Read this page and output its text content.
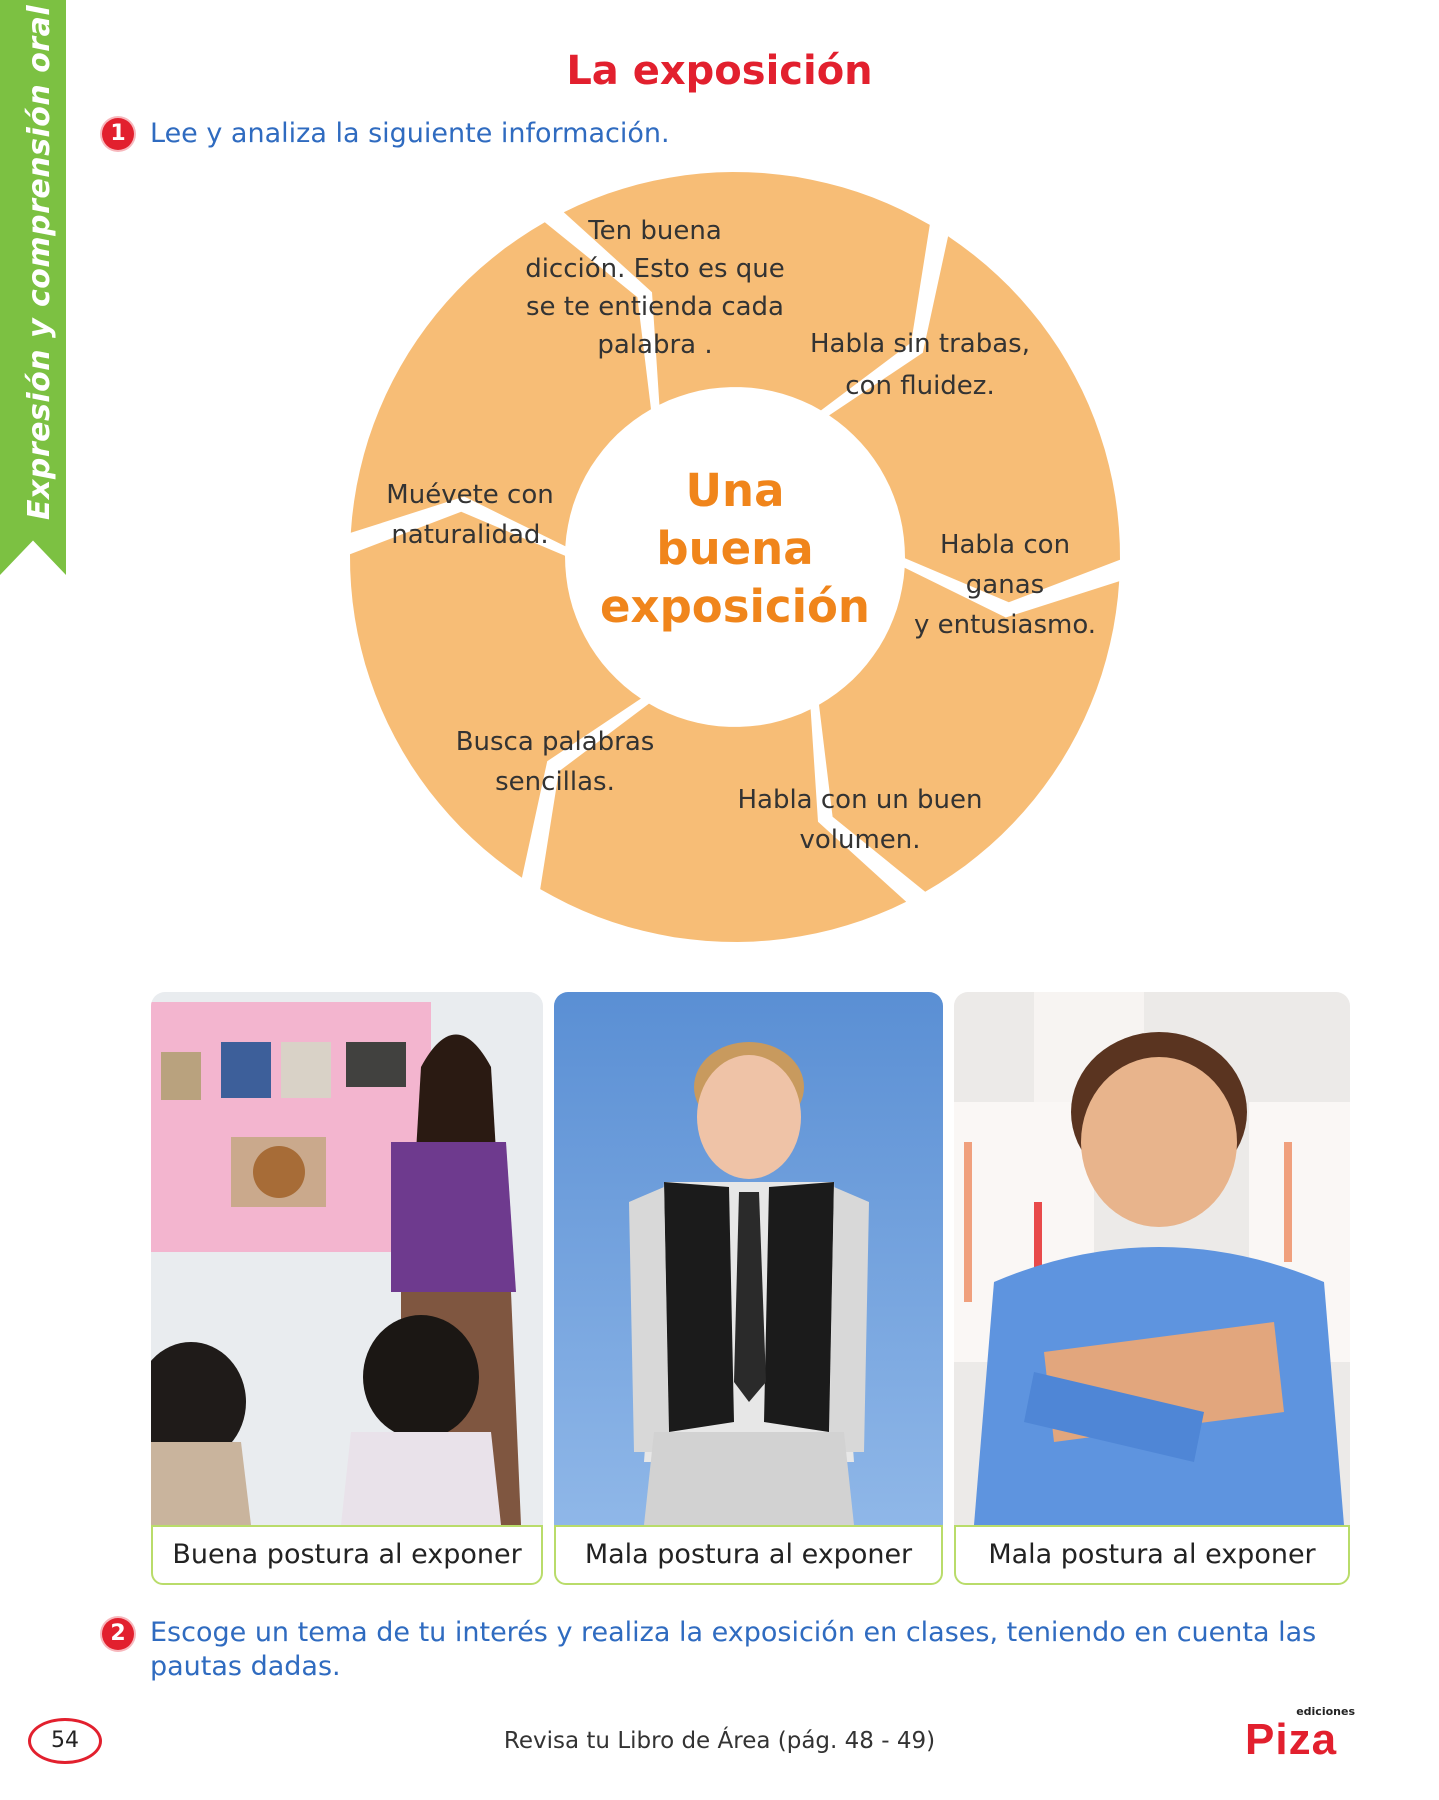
Expresión y comprensión oral	La exposición
1 Lee y analiza la siguiente información.
Ten buena
dicción. Esto es que
se te entienda cada
palabra .	Habla sin trabas,
con fluidez.
Habla con
ganas
y entusiasmo.
Habla con un buen
volumen.
Busca palabras
sencillas.
Muévete con
naturalidad.
Una
buena
exposición
Buena postura al exponer	Mala postura al exponer	Mala postura al exponer
2 Escoge un tema de tu interés y realiza la exposición en clases, teniendo en cuenta las pautas dadas.
54	Revisa tu Libro de Área (pág. 48 - 49)
ediciones
Piza
